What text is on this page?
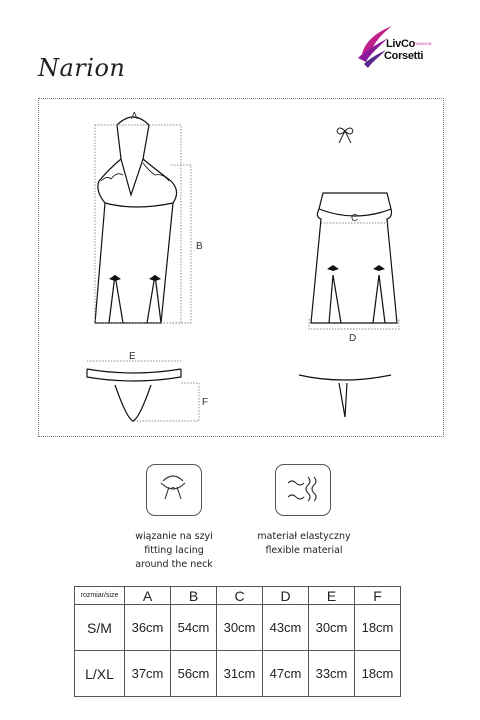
LivCo
FASHION
Corsetti
Narion
A
B
C
D
E
F
wiązanie na szyi
fitting lacing
around the neck
materiał elastyczny
flexible material
rozmiar/size	A	B	C	D	E	F
S/M	36cm	54cm	30cm	43cm	30cm	18cm
L/XL	37cm	56cm	31cm	47cm	33cm	18cm
